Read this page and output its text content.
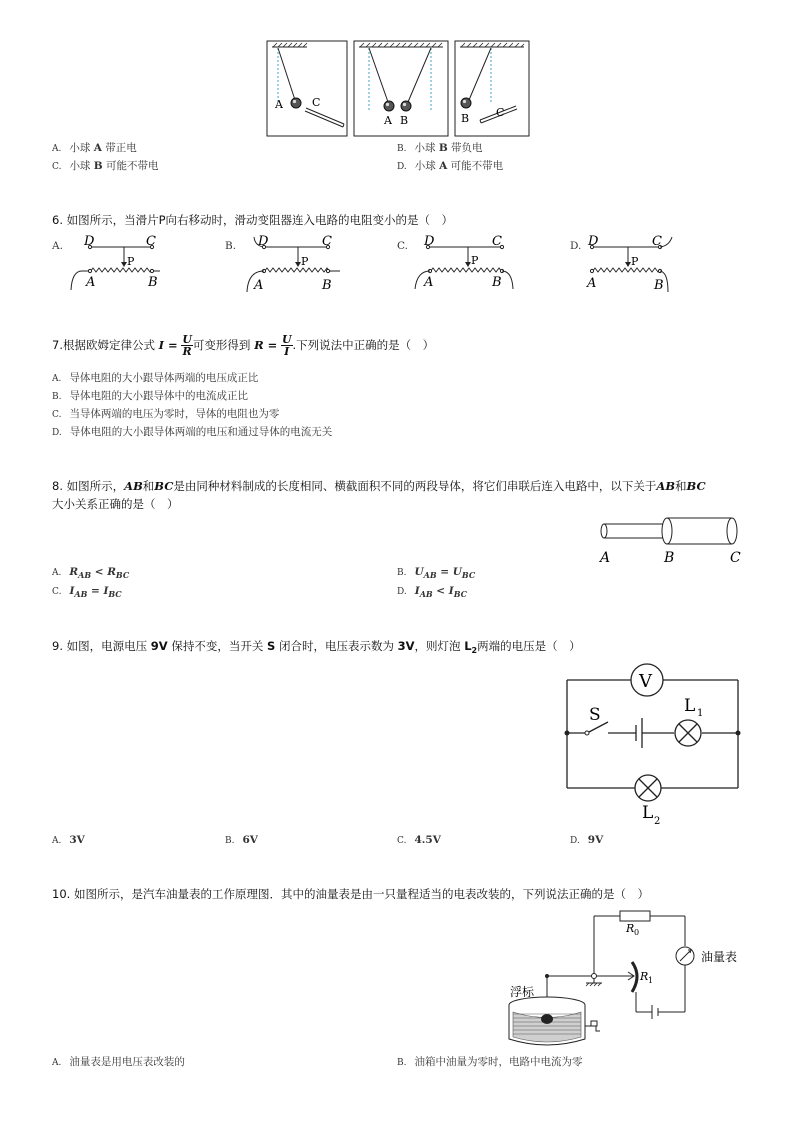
A	C
A B	B C
A. 小球 A 带正电	B. 小球 B 带负电
C. 小球 B 可能不带电	D. 小球 A 可能不带电
6. 如图所示，当滑片P向右移动时，滑动变阻器连入电路的电阻变小的是（　）
A.	B.	C.	D.
D	C
P
A	B
D	C
P
A	B
D	C
P
A	B
D	C
P
A	B
7.根据欧姆定律公式 $I = \frac{U}{R}$ 可变形得到 $R = \frac{U}{I}$ .下列说法中正确的是（　）
A. 导体电阻的大小跟导体两端的电压成正比
B. 导体电阻的大小跟导体中的电流成正比
C. 当导体两端的电压为零时，导体的电阻也为零
D. 导体电阻的大小跟导体两端的电压和通过导体的电流无关
8. 如图所示，AB和BC是由同种材料制成的长度相同、横截面积不同的两段导体，将它们串联后连入电路中，以下关于AB和BC
大小关系正确的是（　）
A	B	C
A. $R_{AB} < R_{BC}$	B. $U_{AB} = U_{BC}$
C. $I_{AB} = I_{BC}$	D. $I_{AB} < I_{BC}$
9. 如图，电源电压 9V 保持不变，当开关 S 闭合时，电压表示数为 3V，则灯泡 $L_2$两端的电压是（　）
V
S	L 1
L 2
A. 3V	B. 6V	C. 4.5V	D. 9V
10. 如图所示，是汽车油量表的工作原理图．其中的油量表是由一只量程适当的电表改装的，下列说法正确的是（　）
R 0
R 1
油量表
浮标
A. 油量表是用电压表改装的	B. 油箱中油量为零时，电路中电流为零
